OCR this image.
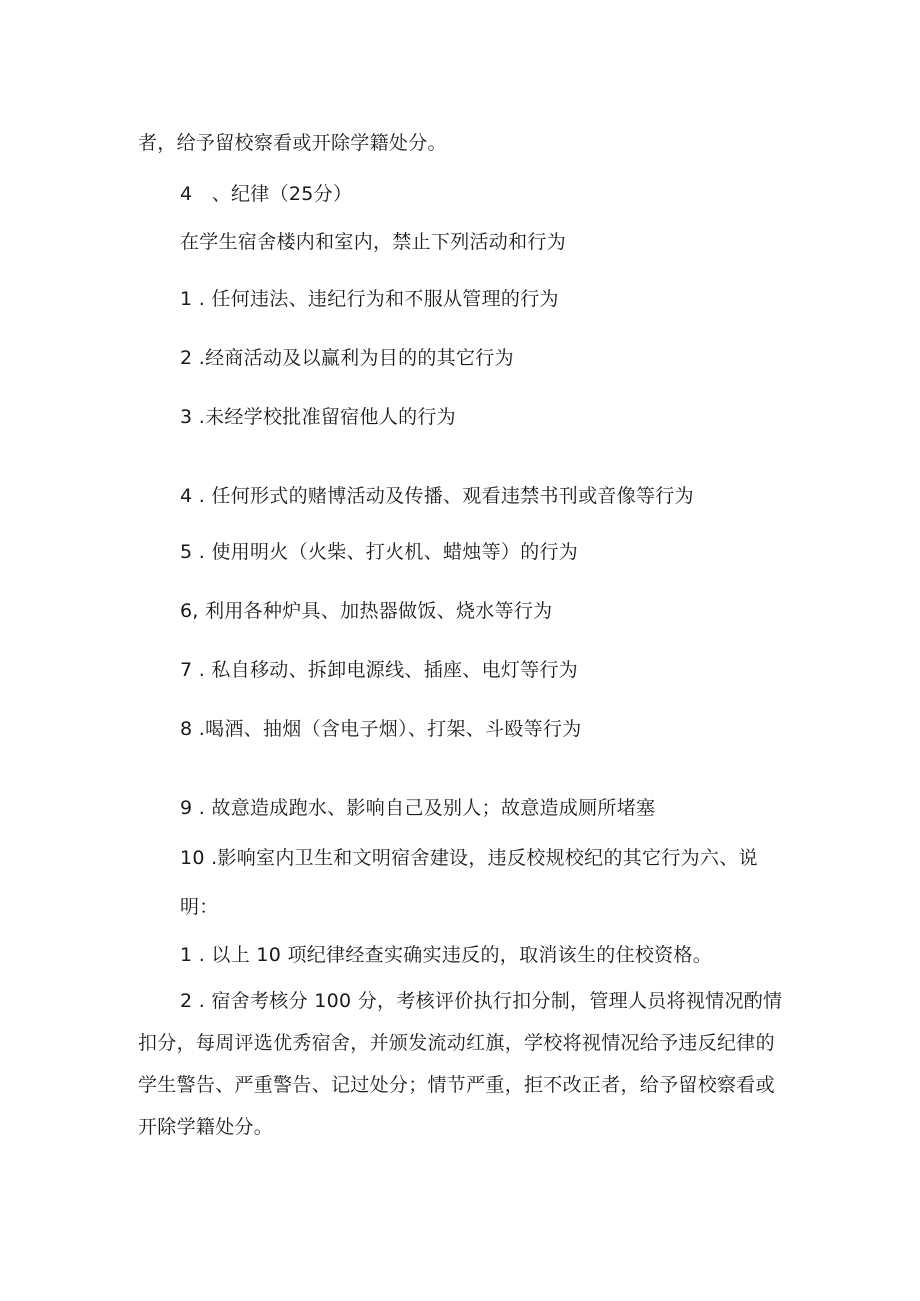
者，给予留校察看或开除学籍处分。
4　、纪律（25分）
在学生宿舍楼内和室内，禁止下列活动和行为
1 . 任何违法、违纪行为和不服从管理的行为
2 .经商活动及以赢利为目的的其它行为
3 .未经学校批准留宿他人的行为
4 . 任何形式的赌博活动及传播、观看违禁书刊或音像等行为
5 . 使用明火（火柴、打火机、蜡烛等）的行为
6, 利用各种炉具、加热器做饭、烧水等行为
7 . 私自移动、拆卸电源线、插座、电灯等行为
8 .喝酒、抽烟（含电子烟）、打架、斗殴等行为
9 . 故意造成跑水、影响自己及别人；故意造成厕所堵塞
10 .影响室内卫生和文明宿舍建设，违反校规校纪的其它行为六、说
明：
1 . 以上 10 项纪律经查实确实违反的，取消该生的住校资格。
2 . 宿舍考核分 100 分，考核评价执行扣分制，管理人员将视情况酌情扣分，每周评选优秀宿舍，并颁发流动红旗，学校将视情况给予违反纪律的学生警告、严重警告、记过处分；情节严重，拒不改正者，给予留校察看或开除学籍处分。
